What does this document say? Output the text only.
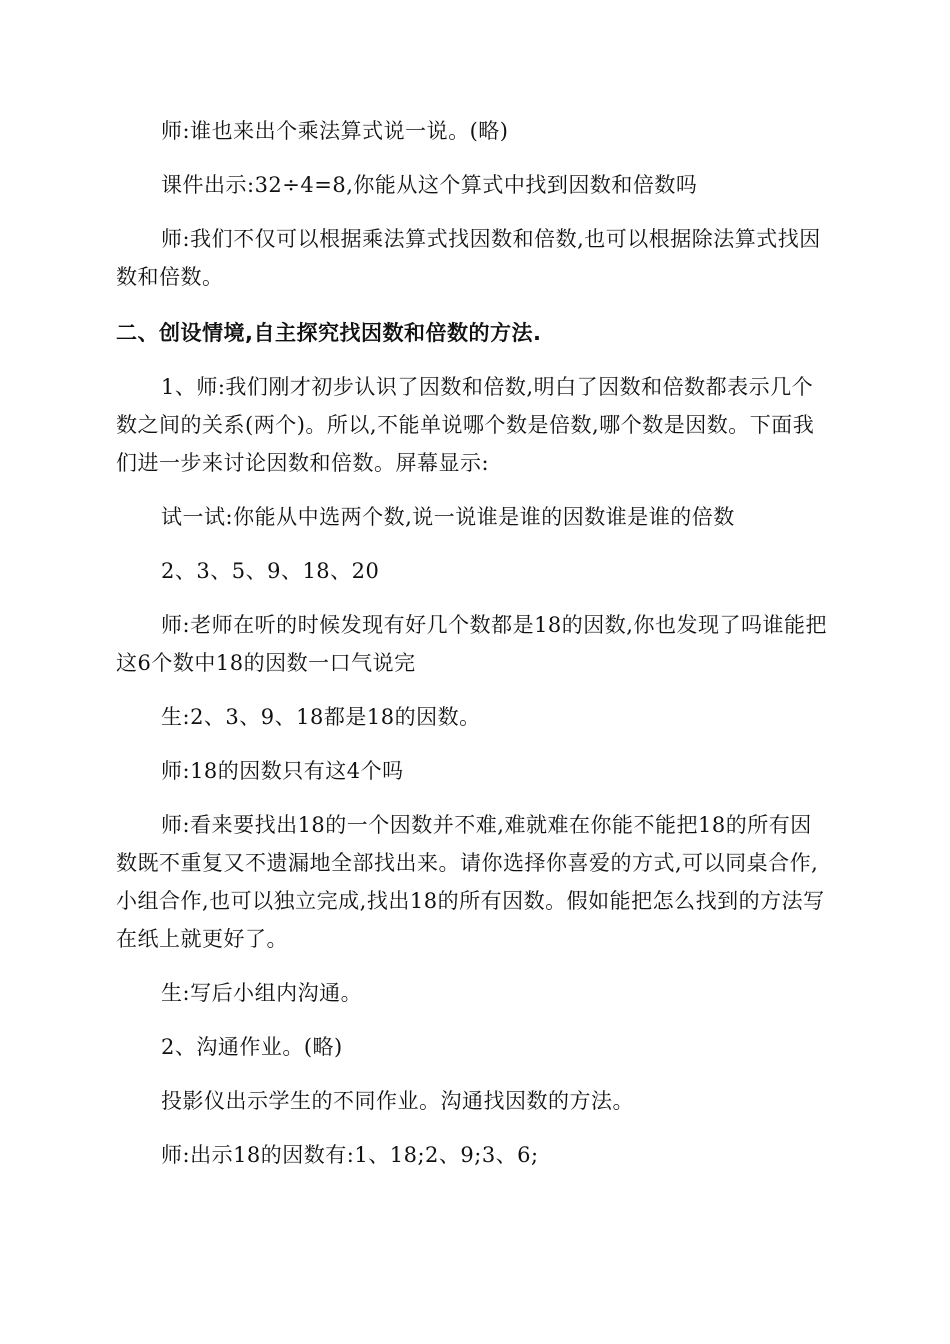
师:谁也来出个乘法算式说一说。(略)

课件出示:32÷4=8,你能从这个算式中找到因数和倍数吗

师:我们不仅可以根据乘法算式找因数和倍数,也可以根据除法算式找因数和倍数。

二、创设情境,自主探究找因数和倍数的方法.

1、师:我们刚才初步认识了因数和倍数,明白了因数和倍数都表示几个数之间的关系(两个)。所以,不能单说哪个数是倍数,哪个数是因数。下面我们进一步来讨论因数和倍数。屏幕显示:

试一试:你能从中选两个数,说一说谁是谁的因数谁是谁的倍数

2、3、5、9、18、20

师:老师在听的时候发现有好几个数都是18的因数,你也发现了吗谁能把这6个数中18的因数一口气说完

生:2、3、9、18都是18的因数。

师:18的因数只有这4个吗

师:看来要找出18的一个因数并不难,难就难在你能不能把18的所有因数既不重复又不遗漏地全部找出来。请你选择你喜爱的方式,可以同桌合作,小组合作,也可以独立完成,找出18的所有因数。假如能把怎么找到的方法写在纸上就更好了。

生:写后小组内沟通。

2、沟通作业。(略)

投影仪出示学生的不同作业。沟通找因数的方法。

师:出示18的因数有:1、18;2、9;3、6;
